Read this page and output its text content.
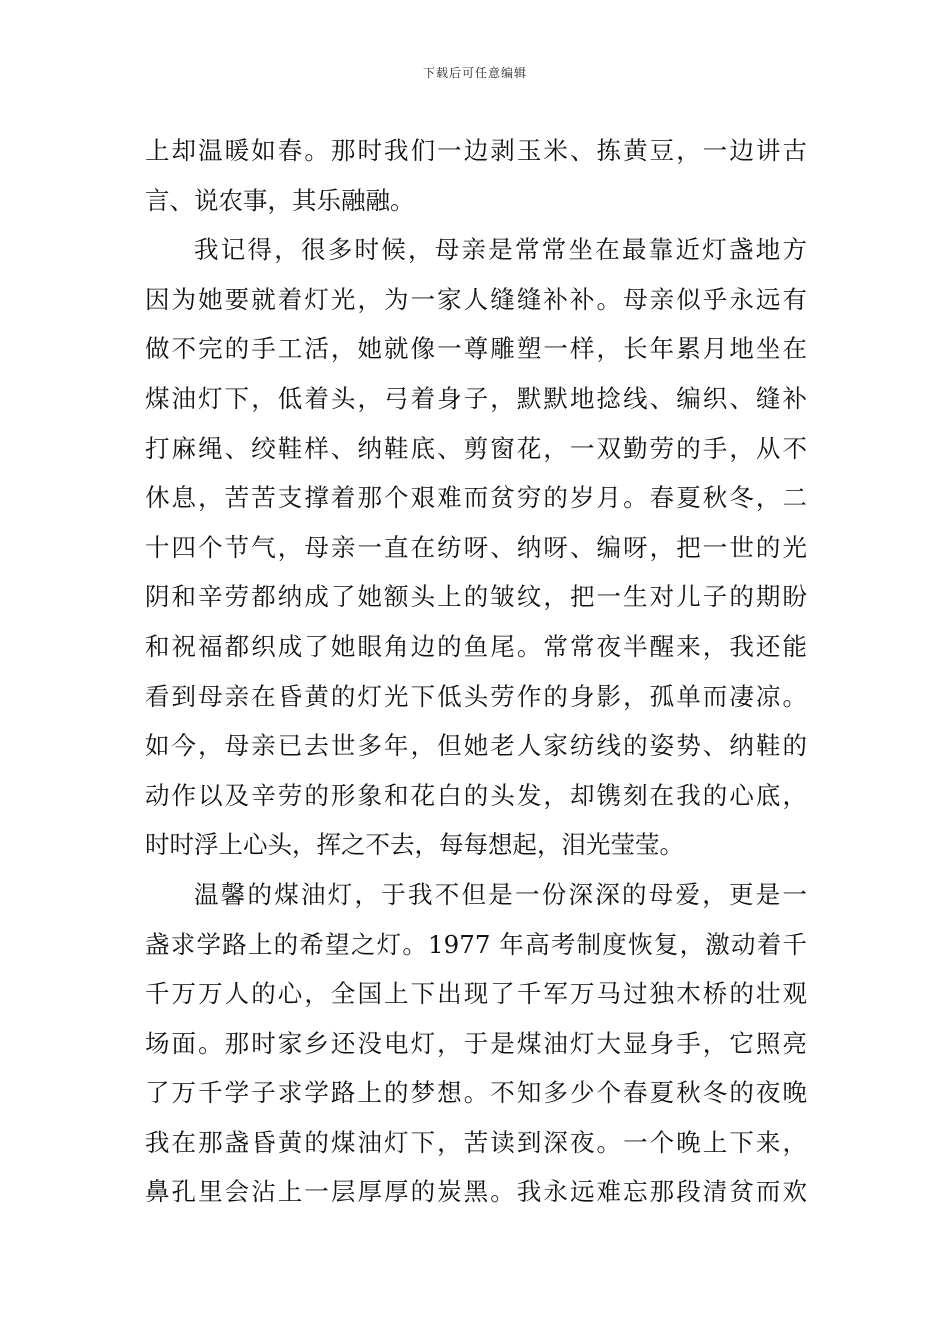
下载后可任意编辑
上却温暖如春。那时我们一边剥玉米、拣黄豆，一边讲古
言、说农事，其乐融融。
我记得，很多时候，母亲是常常坐在最靠近灯盏地方
因为她要就着灯光，为一家人缝缝补补。母亲似乎永远有
做不完的手工活，她就像一尊雕塑一样，长年累月地坐在
煤油灯下，低着头，弓着身子，默默地捻线、编织、缝补
打麻绳、绞鞋样、纳鞋底、剪窗花，一双勤劳的手，从不
休息，苦苦支撑着那个艰难而贫穷的岁月。春夏秋冬，二
十四个节气，母亲一直在纺呀、纳呀、编呀，把一世的光
阴和辛劳都纳成了她额头上的皱纹，把一生对儿子的期盼
和祝福都织成了她眼角边的鱼尾。常常夜半醒来，我还能
看到母亲在昏黄的灯光下低头劳作的身影，孤单而凄凉。
如今，母亲已去世多年，但她老人家纺线的姿势、纳鞋的
动作以及辛劳的形象和花白的头发，却镌刻在我的心底，
时时浮上心头，挥之不去，每每想起，泪光莹莹。
温馨的煤油灯，于我不但是一份深深的母爱，更是一
盏求学路上的希望之灯。1977 年高考制度恢复，激动着千
千万万人的心，全国上下出现了千军万马过独木桥的壮观
场面。那时家乡还没电灯，于是煤油灯大显身手，它照亮
了万千学子求学路上的梦想。不知多少个春夏秋冬的夜晚
我在那盏昏黄的煤油灯下，苦读到深夜。一个晚上下来，
鼻孔里会沾上一层厚厚的炭黑。我永远难忘那段清贫而欢
